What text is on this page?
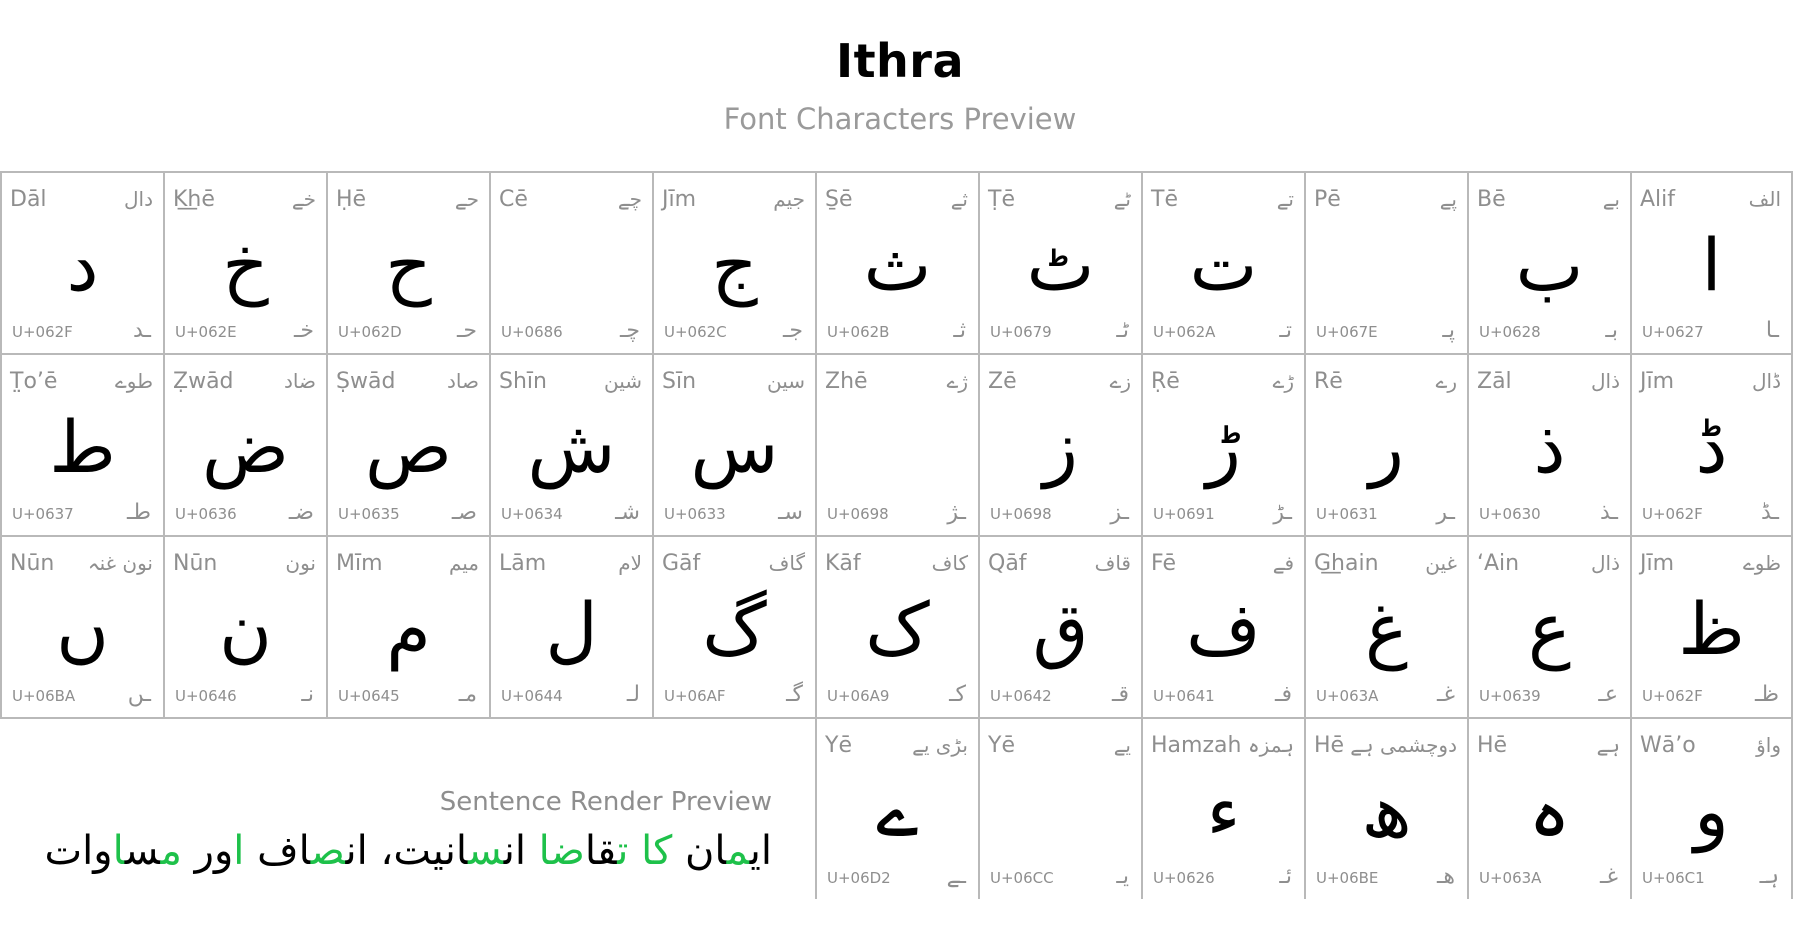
Ithra
Font Characters Preview
Dāl	دال
د
U+062F	ـد
K͟hē	خے
خ
U+062E	خـ
Ḥē	حے
ح
U+062D	حـ
Cē	چے
U+0686	چـ
Jīm	جیم
ج
U+062C	جـ
S̱ē	ثے
ث
U+062B	ثـ
Ṭē	ٹے
ٹ
U+0679	ٹـ
Tē	تے
ت
U+062A	تـ
Pē	پے
U+067E	پـ
Bē	بے
ب
U+0628	بـ
Alif	الف
ا
U+0627	ـا
T̤o’ē	طوے
ط
U+0637 طـ
Ẓwād	ضاد
ض
U+0636 ضـ
Ṣwād	صاد
ص
U+0635 صـ
Shīn	شین
ش
U+0634 شـ
Sīn	سین
س
U+0633 سـ
Zhē	ژے
U+0698	ـژ
Zē	زے
ز
U+0698	ـز
Ṛē	ڑے
ڑ
U+0691	ـڑ
Rē	رے
ر
U+0631	ـر
Zāl	ذال
ذ
U+0630	ـذ
Jīm	ڈال
ڈ
U+062F	ـڈ
Nūn نون غنہ
ں
U+06BA ـں
Nūn	نون
ن
U+0646	نـ
Mīm	میم
م
U+0645	مـ
Lām	لام
ل
U+0644	لـ
Gāf	گاف
گ
U+06AF	گـ
Kāf	کاف
ک
U+06A9	کـ
Qāf	قاف
ق
U+0642	قـ
Fē	فے
ف
U+0641	فـ
G͟hain غین
غ
U+063A	غـ
‘Ain	ذال
ع
U+0639	عـ
Jīm	ظوے
ظ
U+062F ظـ
Yē	بڑی یے
ے
U+06D2	ـے
Yē	یے
U+06CC	یـ
Hamzah ہمزہ
ء
U+0626	ئـ
Hē دوچشمی ہے
ھ
U+06BE	ھـ
Hē	ہے
ہ
U+063A	غـ
Wā’o	واؤ
و
U+06C1	ہـ
Sentence Render Preview
ایمان کا تقاضا انسانیت، انصاف اور مساوات
